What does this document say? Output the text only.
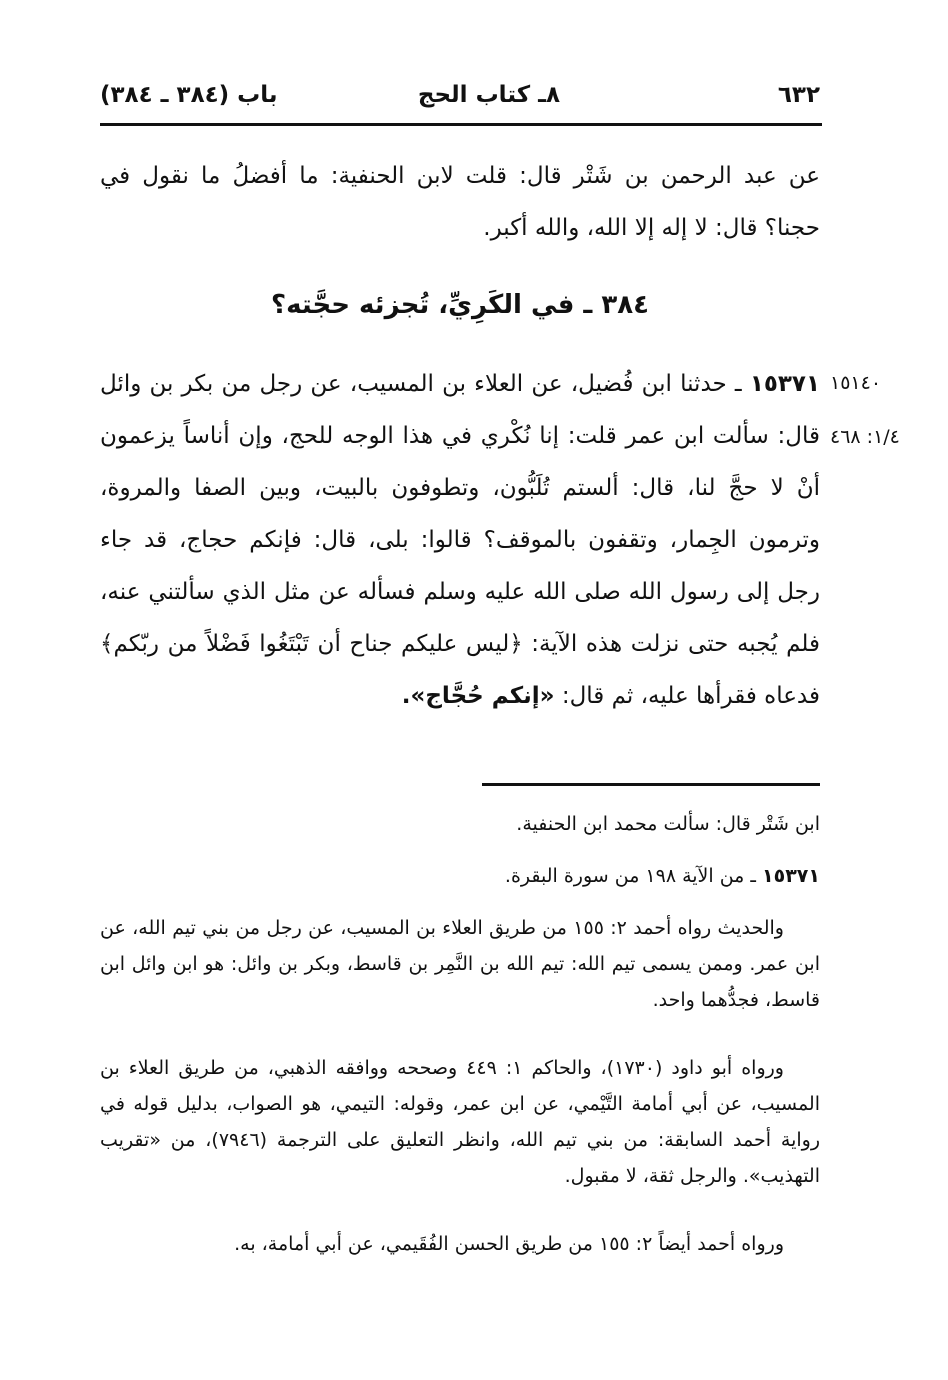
٦٣٢
٨ـ كتاب الحج
باب (٣٨٤ ـ ٣٨٤)
عن عبد الرحمن بن شَتْر قال: قلت لابن الحنفية: ما أفضلُ ما نقول في حجنا؟ قال: لا إله إلا الله، والله أكبر.
٣٨٤ ـ في الكَرِيِّ، تُجزئه حجَّته؟
١٥٣٧١ ـ حدثنا ابن فُضيل، عن العلاء بن المسيب، عن رجل من بكر بن وائل قال: سألت ابن عمر قلت: إنا نُكْري في هذا الوجه للحج، وإن أناساً يزعمون أنْ لا حجَّ لنا، قال: ألستم تُلَبُّون، وتطوفون بالبيت، وبين الصفا والمروة، وترمون الجِمار، وتقفون بالموقف؟ قالوا: بلى، قال: فإنكم حجاج، قد جاء رجل إلى رسول الله صلى الله عليه وسلم فسأله عن مثل الذي سألتني عنه، فلم يُجبه حتى نزلت هذه الآية: ﴿ليس عليكم جناح أن تَبْتَغُوا فَضْلاً من ربّكم﴾ فدعاه فقرأها عليه، ثم قال: «إنكم حُجَّاج».
١٥١٤٠
١/٤: ٤٦٨
ابن شَتْر قال: سألت محمد ابن الحنفية.
١٥٣٧١ ـ من الآية ١٩٨ من سورة البقرة.
والحديث رواه أحمد ٢: ١٥٥ من طريق العلاء بن المسيب، عن رجل من بني تيم الله، عن ابن عمر. وممن يسمى تيم الله: تيم الله بن النَّمِر بن قاسط، وبكر بن وائل: هو ابن وائل ابن قاسط، فجدُّهما واحد.
ورواه أبو داود (١٧٣٠)، والحاكم ١: ٤٤٩ وصححه ووافقه الذهبي، من طريق العلاء بن المسيب، عن أبي أمامة التَّيْمي، عن ابن عمر، وقوله: التيمي، هو الصواب، بدليل قوله في رواية أحمد السابقة: من بني تيم الله، وانظر التعليق على الترجمة (٧٩٤٦)، من «تقريب التهذيب». والرجل ثقة، لا مقبول.
ورواه أحمد أيضاً ٢: ١٥٥ من طريق الحسن الفُقَيمي، عن أبي أمامة، به.
